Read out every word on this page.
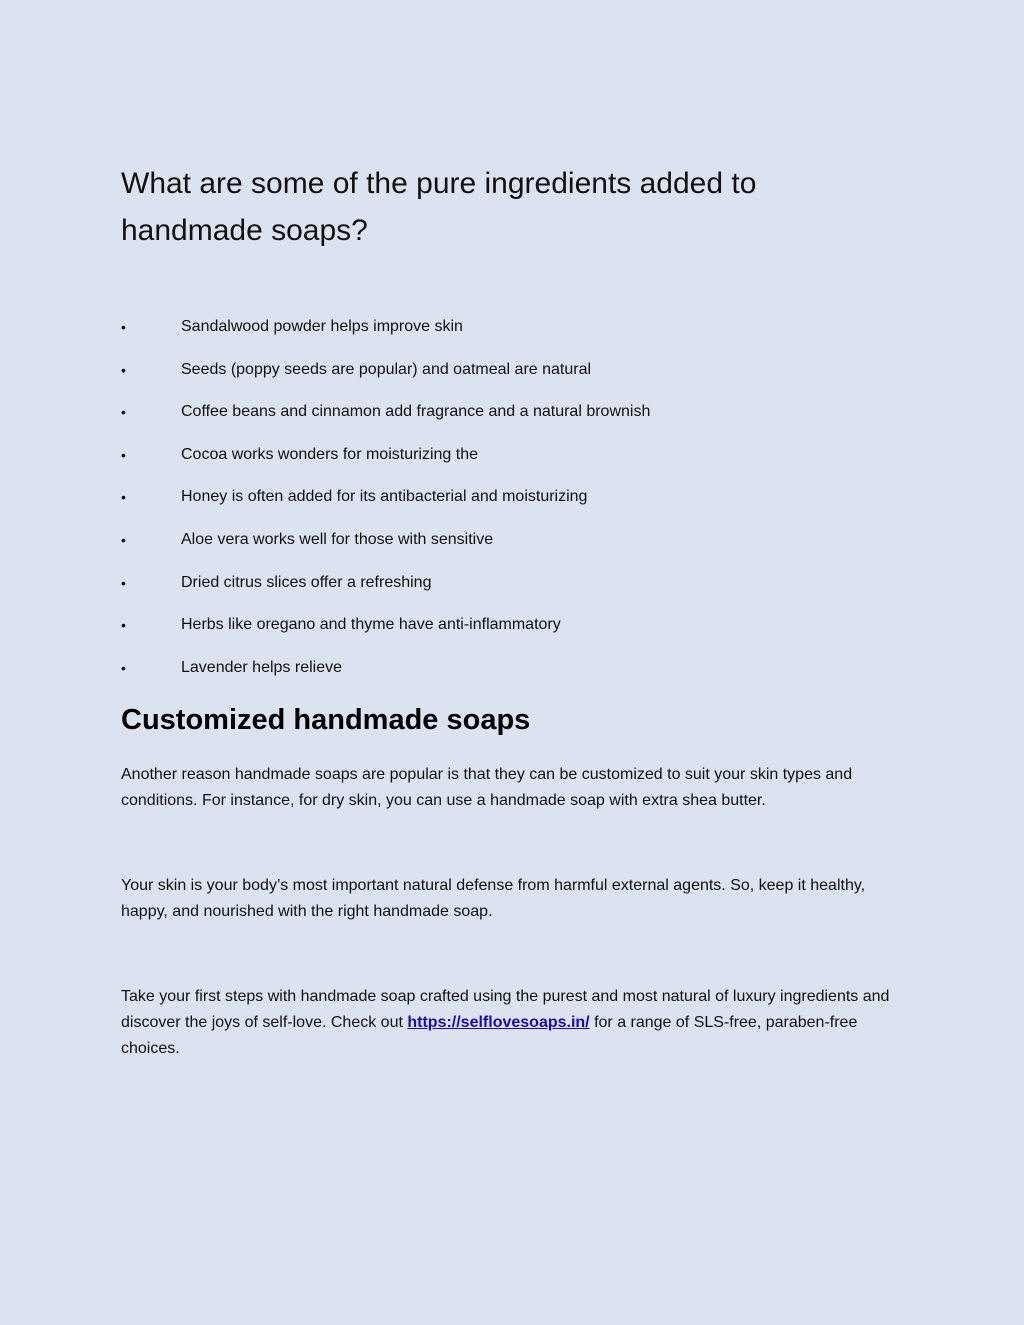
What are some of the pure ingredients added to handmade soaps?
•	Sandalwood powder helps improve skin
•	Seeds (poppy seeds are popular) and oatmeal are natural
•	Coffee beans and cinnamon add fragrance and a natural brownish
•	Cocoa works wonders for moisturizing the
•	Honey is often added for its antibacterial and moisturizing
•	Aloe vera works well for those with sensitive
•	Dried citrus slices offer a refreshing
•	Herbs like oregano and thyme have anti-inflammatory
•	Lavender helps relieve
Customized handmade soaps

Another reason handmade soaps are popular is that they can be customized to suit your skin types and conditions. For instance, for dry skin, you can use a handmade soap with extra shea butter.

Your skin is your body’s most important natural defense from harmful external agents. So, keep it healthy, happy, and nourished with the right handmade soap.

Take your first steps with handmade soap crafted using the purest and most natural of luxury ingredients and discover the joys of self-love. Check out https://selflovesoaps.in/ for a range of SLS-free, paraben-free choices.
